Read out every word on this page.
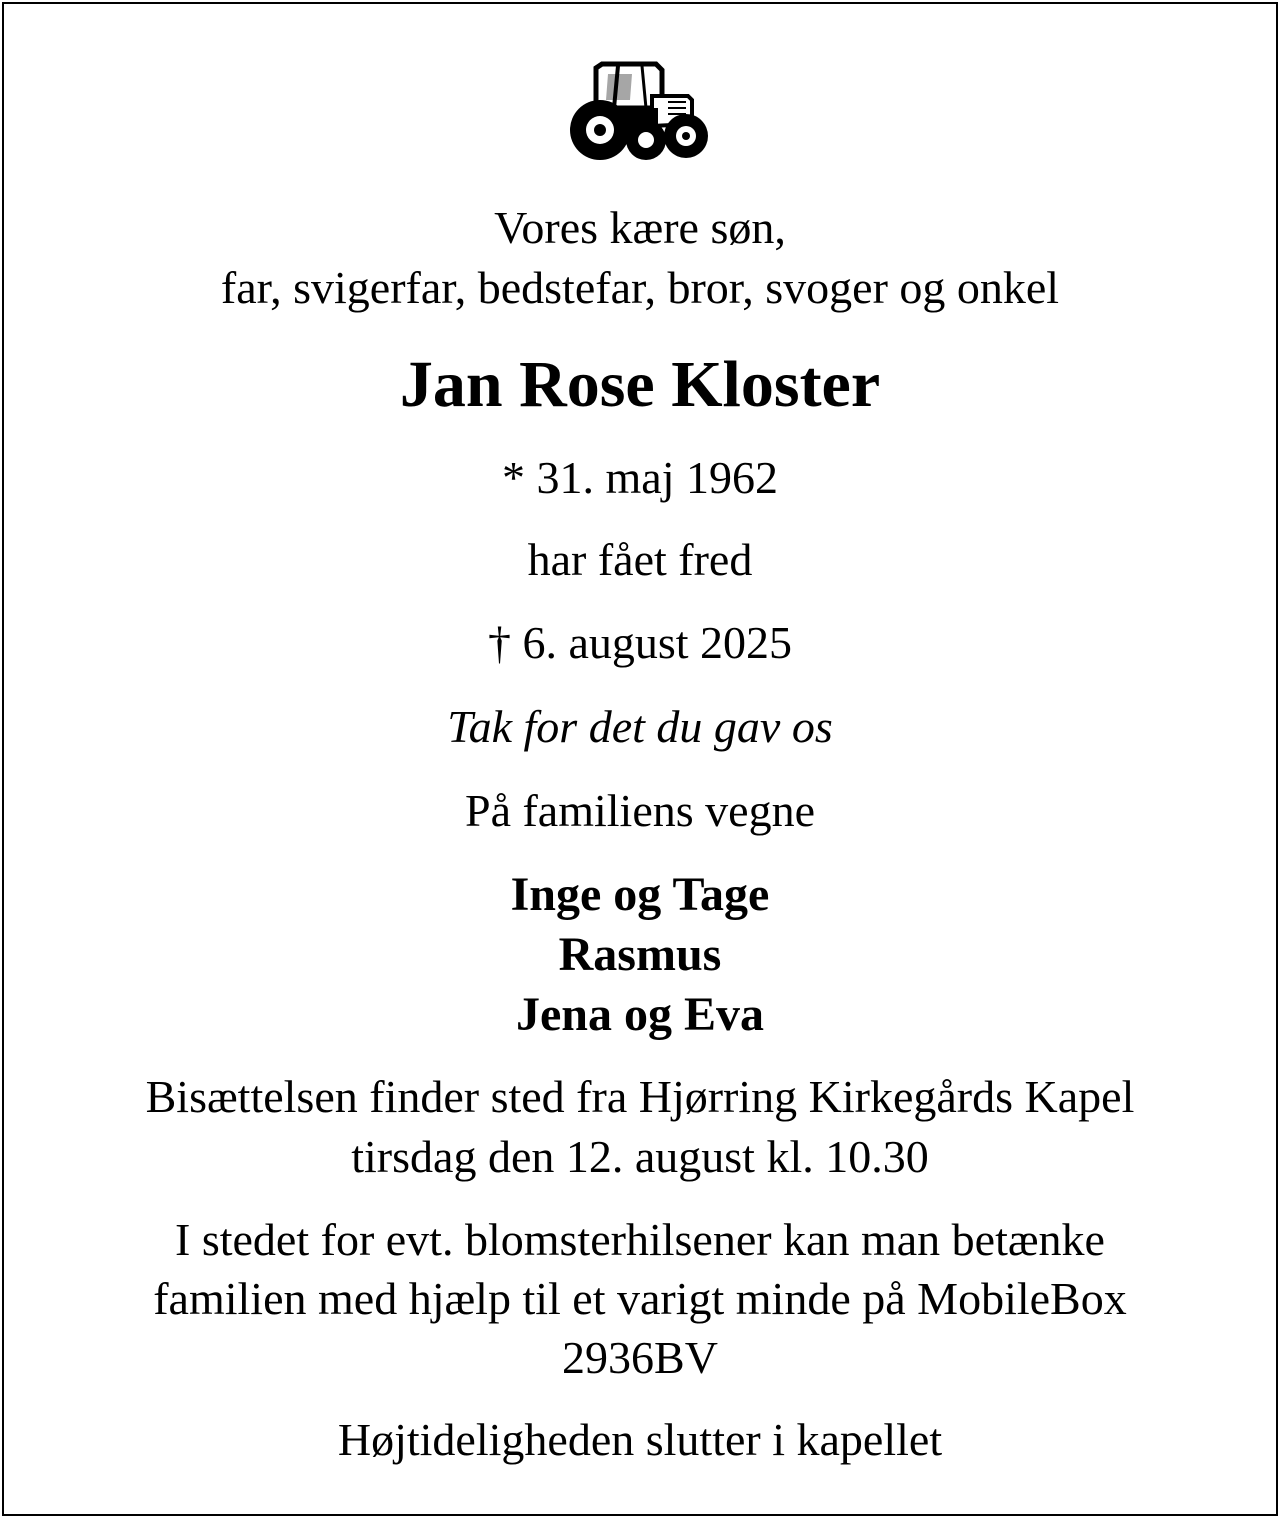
Vores kære søn,
far, svigerfar, bedstefar, bror, svoger og onkel
Jan Rose Kloster
* 31. maj 1962
har fået fred
† 6. august 2025
Tak for det du gav os
På familiens vegne
Inge og Tage
Rasmus
Jena og Eva
Bisættelsen finder sted fra Hjørring Kirkegårds Kapel
tirsdag den 12. august kl. 10.30
I stedet for evt. blomsterhilsener kan man betænke
familien med hjælp til et varigt minde på MobileBox
2936BV
Højtideligheden slutter i kapellet
